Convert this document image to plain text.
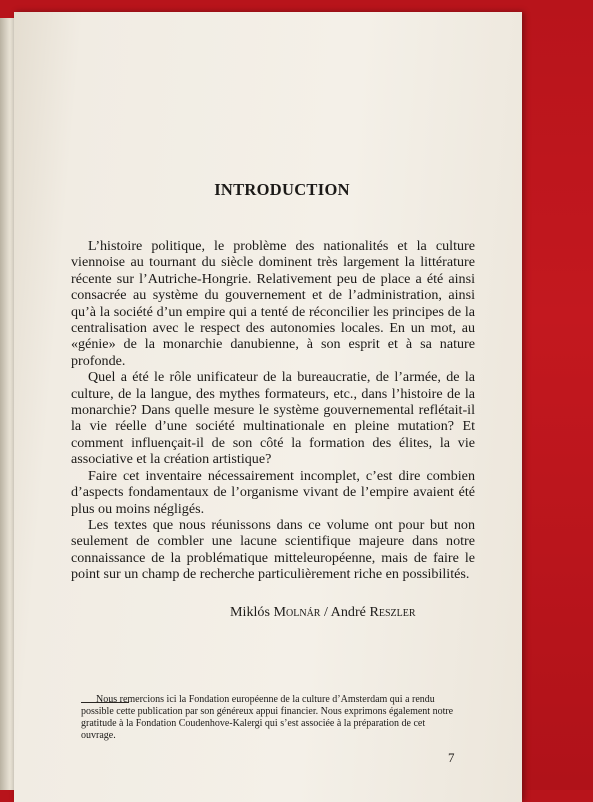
INTRODUCTION

L’histoire politique, le problème des nationalités et la culture viennoise au tournant du siècle dominent très largement la littérature récente sur l’Autriche-Hongrie. Relativement peu de place a été ainsi consacrée au système du gouvernement et de l’administration, ainsi qu’à la société d’un empire qui a tenté de réconcilier les principes de la centralisation avec le respect des autonomies locales. En un mot, au «génie» de la monarchie danubienne, à son esprit et à sa nature profonde.

Quel a été le rôle unificateur de la bureaucratie, de l’armée, de la culture, de la langue, des mythes formateurs, etc., dans l’histoire de la monarchie? Dans quelle mesure le système gouvernemental reflétait-il la vie réelle d’une société multinationale en pleine mutation? Et comment influençait-il de son côté la formation des élites, la vie associative et la création artistique?

Faire cet inventaire nécessairement incomplet, c’est dire combien d’aspects fondamentaux de l’organisme vivant de l’empire avaient été plus ou moins négligés.

Les textes que nous réunissons dans ce volume ont pour but non seulement de combler une lacune scientifique majeure dans notre connaissance de la problématique mitteleuropéenne, mais de faire le point sur un champ de recherche particulièrement riche en possibilités.

Miklós Molnár / André Reszler
Nous remercions ici la Fondation européenne de la culture d’Amsterdam qui a rendu possible cette publication par son généreux appui financier. Nous exprimons également notre gratitude à la Fondation Coudenhove-Kalergi qui s’est associée à la préparation de cet ouvrage.
7
